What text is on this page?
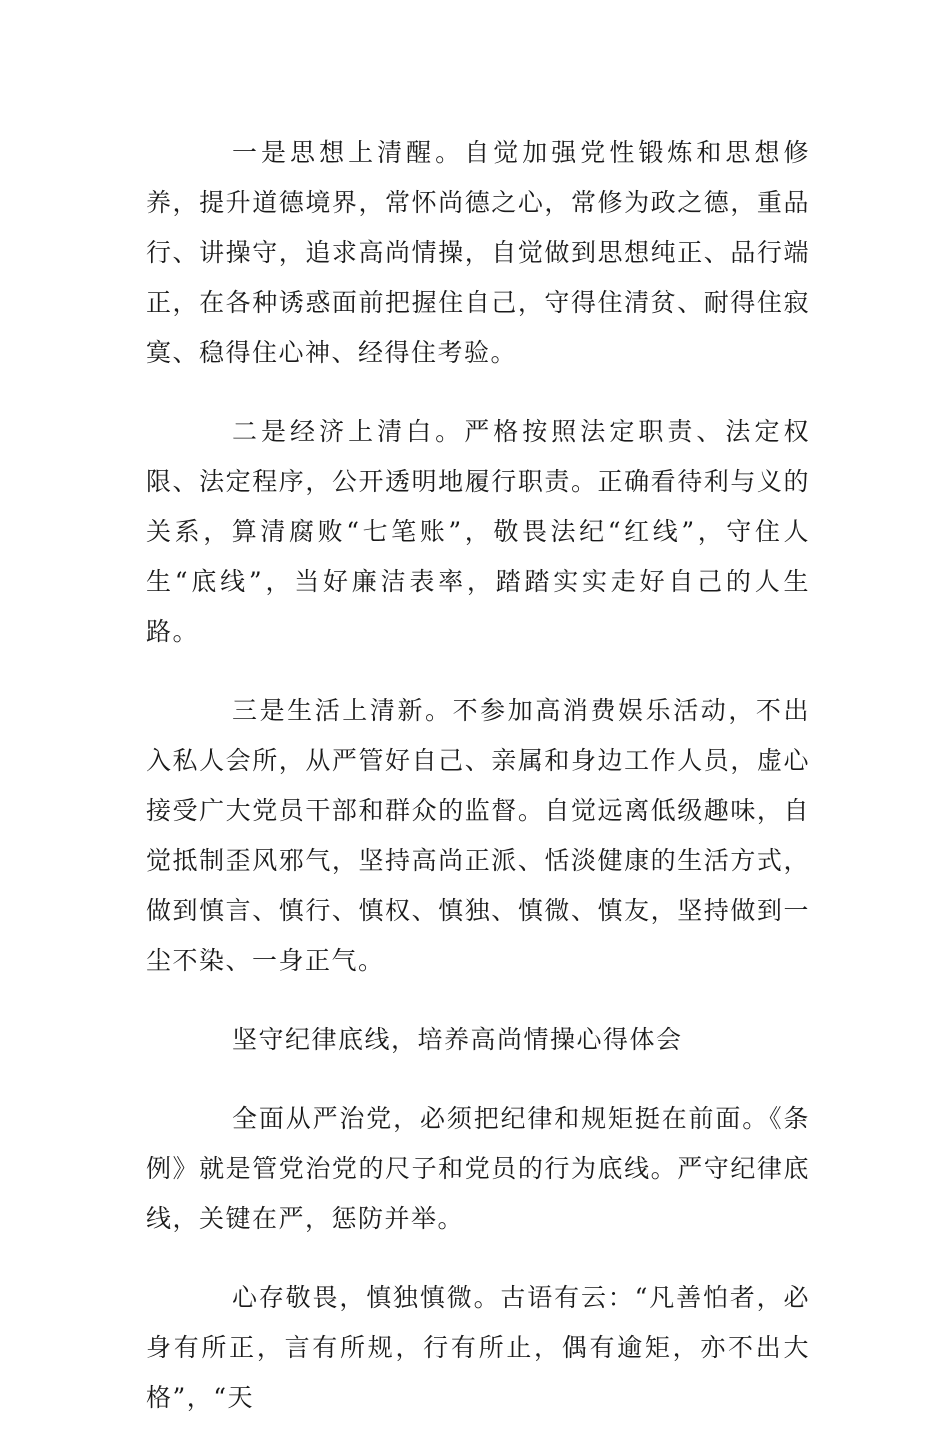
一是思想上清醒。自觉加强党性锻炼和思想修养，提升道德境界，常怀尚德之心，常修为政之德，重品行、讲操守，追求高尚情操，自觉做到思想纯正、品行端正，在各种诱惑面前把握住自己，守得住清贫、耐得住寂寞、稳得住心神、经得住考验。

二是经济上清白。严格按照法定职责、法定权限、法定程序，公开透明地履行职责。正确看待利与义的关系，算清腐败“七笔账”，敬畏法纪“红线”，守住人生“底线”，当好廉洁表率，踏踏实实走好自己的人生路。

三是生活上清新。不参加高消费娱乐活动，不出入私人会所，从严管好自己、亲属和身边工作人员，虚心接受广大党员干部和群众的监督。自觉远离低级趣味，自觉抵制歪风邪气，坚持高尚正派、恬淡健康的生活方式，做到慎言、慎行、慎权、慎独、慎微、慎友，坚持做到一尘不染、一身正气。

坚守纪律底线，培养高尚情操心得体会

全面从严治党，必须把纪律和规矩挺在前面。《条例》就是管党治党的尺子和党员的行为底线。严守纪律底线，关键在严，惩防并举。

心存敬畏，慎独慎微。古语有云：“凡善怕者，必身有所正，言有所规，行有所止，偶有逾矩，亦不出大格”，“天
